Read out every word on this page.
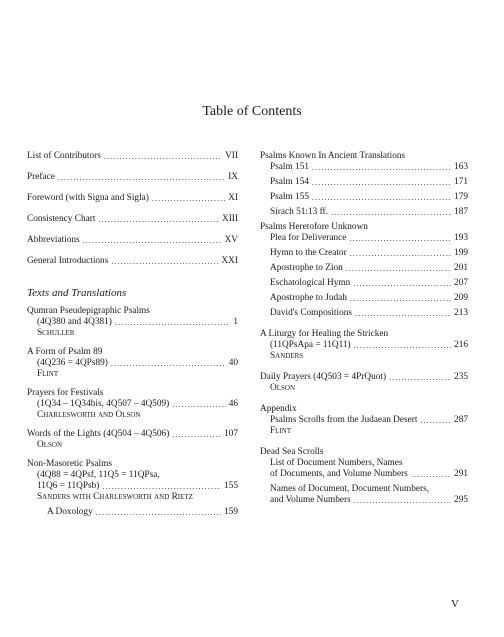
Table of Contents
List of Contributors .....	VII
Preface .....	IX
Foreword (with Signa and Sigla) .....	XI
Consistency Chart .....	XIII
Abbreviations .....	XV
General Introductions .....	XXI
Texts and Translations
Qumran Pseudepigraphic Psalms
(4Q380 and 4Q381) .....	1
Schuller
A Form of Psalm 89
(4Q236 = 4QPs89) .....	40
Flint
Prayers for Festivals
(1Q34 – 1Q34bis, 4Q507 – 4Q509) .....	46
Charlesworth and Olson
Words of the Lights (4Q504 – 4Q506) .....	107
Olson
Non-Masoretic Psalms
(4Q88 = 4QPsf, 11Q5 = 11QPsa,
11Q6 = 11QPsb) .....	155
Sanders with Charlesworth and Rietz
A Doxology .....	159
Psalms Known In Ancient Translations
Psalm 151 .....	163
Psalm 154 .....	171
Psalm 155 .....	179
Sirach 51:13 ff. .....	187
Psalms Heretofore Unknown
Plea for Deliverance .....	193
Hymn to the Creator .....	199
Apostrophe to Zion .....	201
Eschatological Hymn .....	207
Apostrophe to Judah .....	209
David's Compositions .....	213
A Liturgy for Healing the Stricken
(11QPsApa = 11Q11) .....	216
Sanders
Daily Prayers (4Q503 = 4PrQuot) .....	235
Olson
Appendix
Psalms Scrolls from the Judaean Desert .....	287
Flint
Dead Sea Scrolls
List of Document Numbers, Names
of Documents, and Volume Numbers .....	291
Names of Document, Document Numbers,
and Volume Numbers .....	295
V
